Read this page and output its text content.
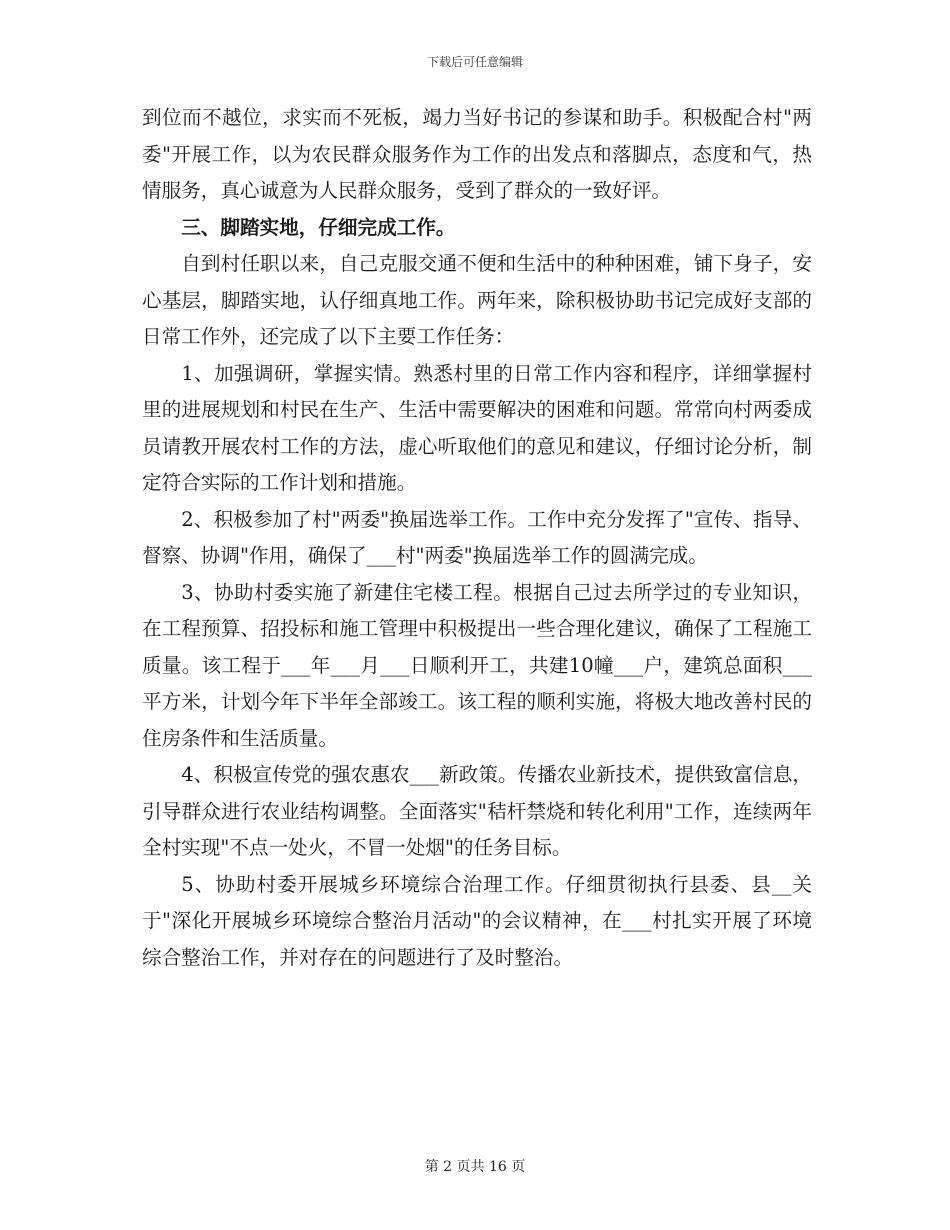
下载后可任意编辑

到位而不越位，求实而不死板，竭力当好书记的参谋和助手。积极配合村"两委"开展工作，以为农民群众服务作为工作的出发点和落脚点，态度和气，热情服务，真心诚意为人民群众服务，受到了群众的一致好评。

三、脚踏实地，仔细完成工作。

自到村任职以来，自己克服交通不便和生活中的种种困难，铺下身子，安心基层，脚踏实地，认仔细真地工作。两年来，除积极协助书记完成好支部的日常工作外，还完成了以下主要工作任务：

1、加强调研，掌握实情。熟悉村里的日常工作内容和程序，详细掌握村里的进展规划和村民在生产、生活中需要解决的困难和问题。常常向村两委成员请教开展农村工作的方法，虚心听取他们的意见和建议，仔细讨论分析，制定符合实际的工作计划和措施。

2、积极参加了村"两委"换届选举工作。工作中充分发挥了"宣传、指导、督察、协调"作用，确保了___村"两委"换届选举工作的圆满完成。

3、协助村委实施了新建住宅楼工程。根据自己过去所学过的专业知识，在工程预算、招投标和施工管理中积极提出一些合理化建议，确保了工程施工质量。该工程于___年___月___日顺利开工，共建10幢___户，建筑总面积___平方米，计划今年下半年全部竣工。该工程的顺利实施，将极大地改善村民的住房条件和生活质量。

4、积极宣传党的强农惠农___新政策。传播农业新技术，提供致富信息，引导群众进行农业结构调整。全面落实"秸杆禁烧和转化利用"工作，连续两年全村实现"不点一处火，不冒一处烟"的任务目标。

5、协助村委开展城乡环境综合治理工作。仔细贯彻执行县委、县__关于"深化开展城乡环境综合整治月活动"的会议精神，在___村扎实开展了环境综合整治工作，并对存在的问题进行了及时整治。

第 2 页共 16 页
